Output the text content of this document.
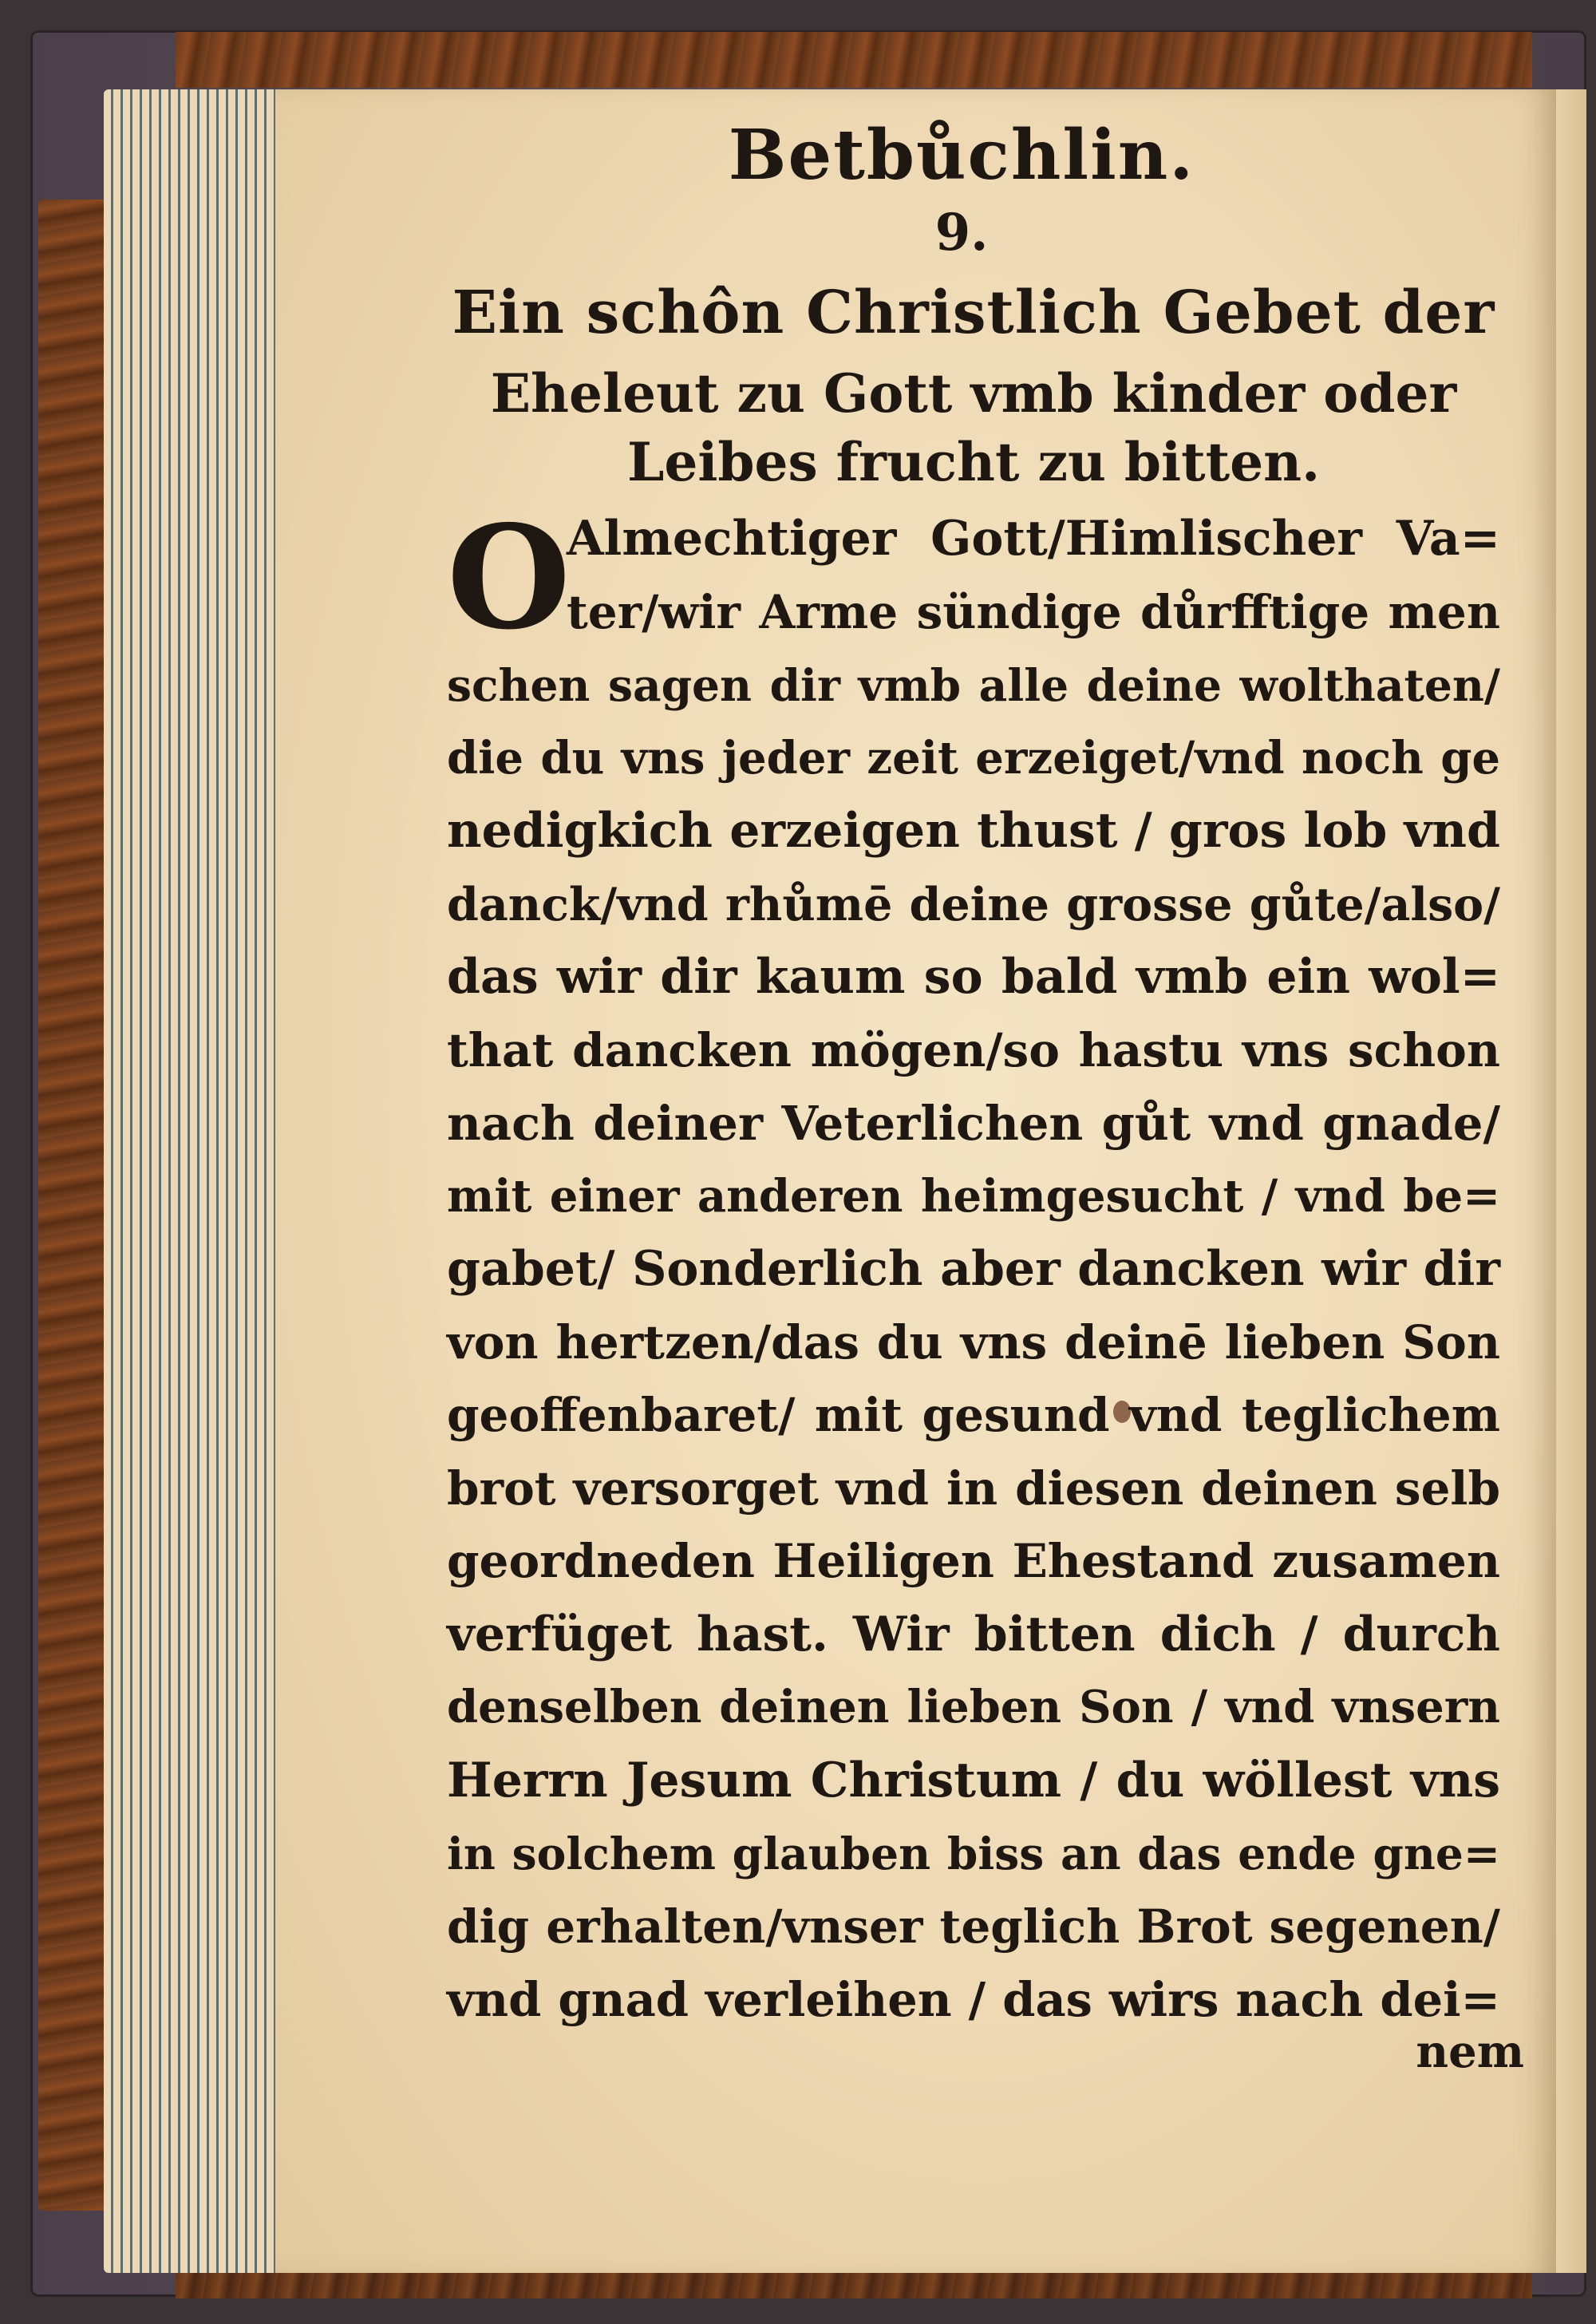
Betbůchlin.
9.
Ein schôn Christlich Gebet der
Eheleut zu Gott vmb kinder oder
Leibes frucht zu bitten.
O
Almechtiger Gott/Himlischer Va=
ter/wir Arme sündige důrfftige men
schen sagen dir vmb alle deine wolthaten/
die du vns jeder zeit erzeiget/vnd noch ge
nedigkich erzeigen thust / gros lob vnd
danck/vnd rhůmē deine grosse gůte/also/
das wir dir kaum so bald vmb ein wol=
that dancken mögen/so hastu vns schon
nach deiner Veterlichen gůt vnd gnade/
mit einer anderen heimgesucht / vnd be=
gabet/ Sonderlich aber dancken wir dir
von hertzen/das du vns deinē lieben Son
geoffenbaret/ mit gesund vnd teglichem
brot versorget vnd in diesen deinen selb
geordneden Heiligen Ehestand zusamen
verfüget hast. Wir bitten dich / durch
denselben deinen lieben Son / vnd vnsern
Herrn Jesum Christum / du wöllest vns
in solchem glauben biss an das ende gne=
dig erhalten/vnser teglich Brot segenen/
vnd gnad verleihen / das wirs nach dei=
nem
